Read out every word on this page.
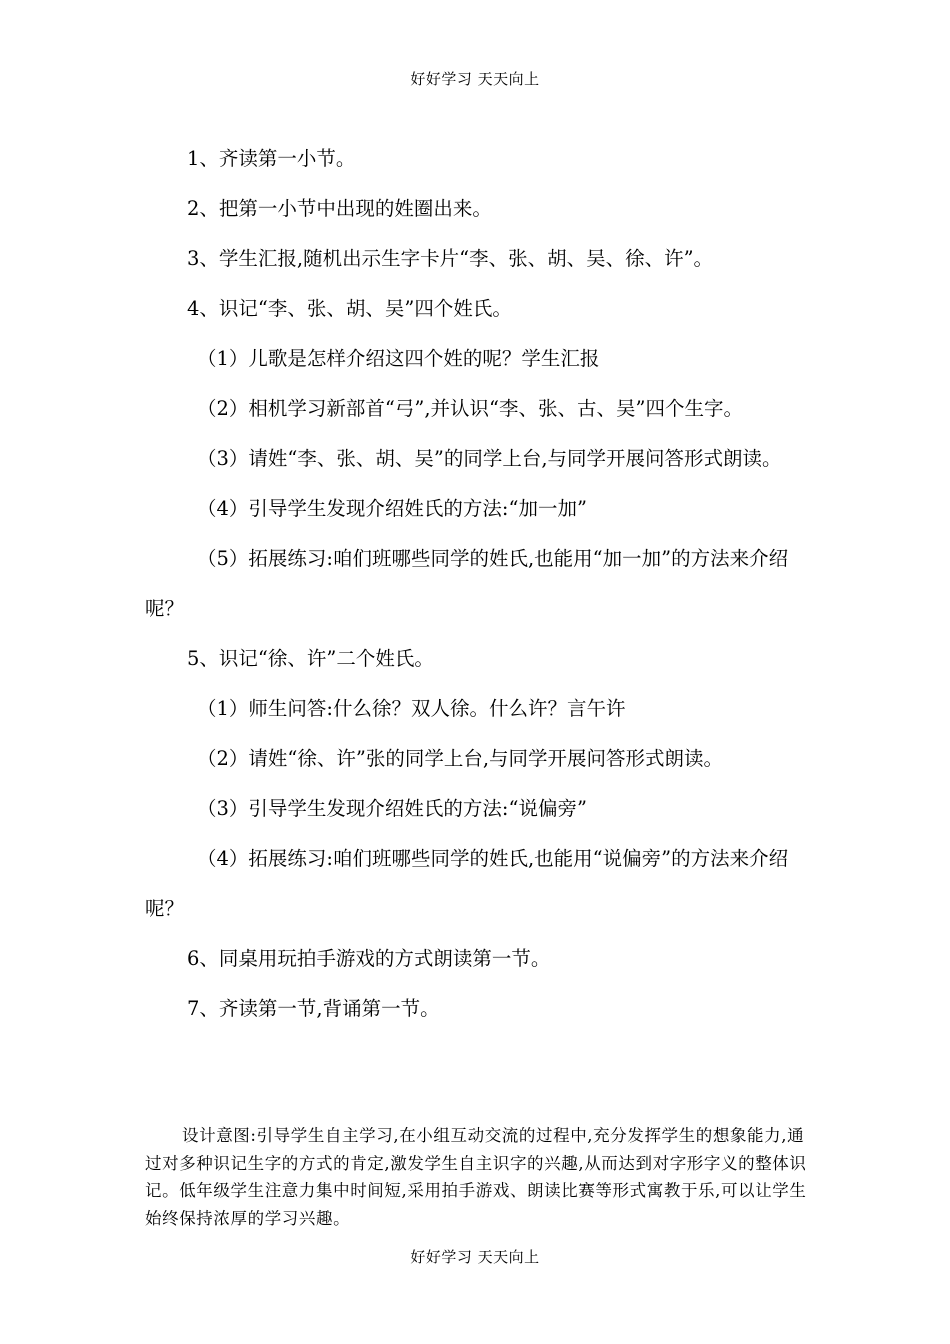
好好学习 天天向上

1、齐读第一小节。

2、把第一小节中出现的姓圈出来。

3、学生汇报,随机出示生字卡片“李、张、胡、吴、徐、许”。

4、识记“李、张、胡、吴”四个姓氏。

（1）儿歌是怎样介绍这四个姓的呢？学生汇报

（2）相机学习新部首“弓”,并认识“李、张、古、吴”四个生字。

（3）请姓“李、张、胡、吴”的同学上台,与同学开展问答形式朗读。

（4）引导学生发现介绍姓氏的方法:“加一加”

（5）拓展练习:咱们班哪些同学的姓氏,也能用“加一加”的方法来介绍呢？

5、识记“徐、许”二个姓氏。

（1）师生问答:什么徐？双人徐。什么许？言午许

（2）请姓“徐、许”张的同学上台,与同学开展问答形式朗读。

（3）引导学生发现介绍姓氏的方法:“说偏旁”

（4）拓展练习:咱们班哪些同学的姓氏,也能用“说偏旁”的方法来介绍呢？

6、同桌用玩拍手游戏的方式朗读第一节。

7、齐读第一节,背诵第一节。

设计意图:引导学生自主学习,在小组互动交流的过程中,充分发挥学生的想象能力,通过对多种识记生字的方式的肯定,激发学生自主识字的兴趣,从而达到对字形字义的整体识记。低年级学生注意力集中时间短,采用拍手游戏、朗读比赛等形式寓教于乐,可以让学生始终保持浓厚的学习兴趣。

好好学习 天天向上
